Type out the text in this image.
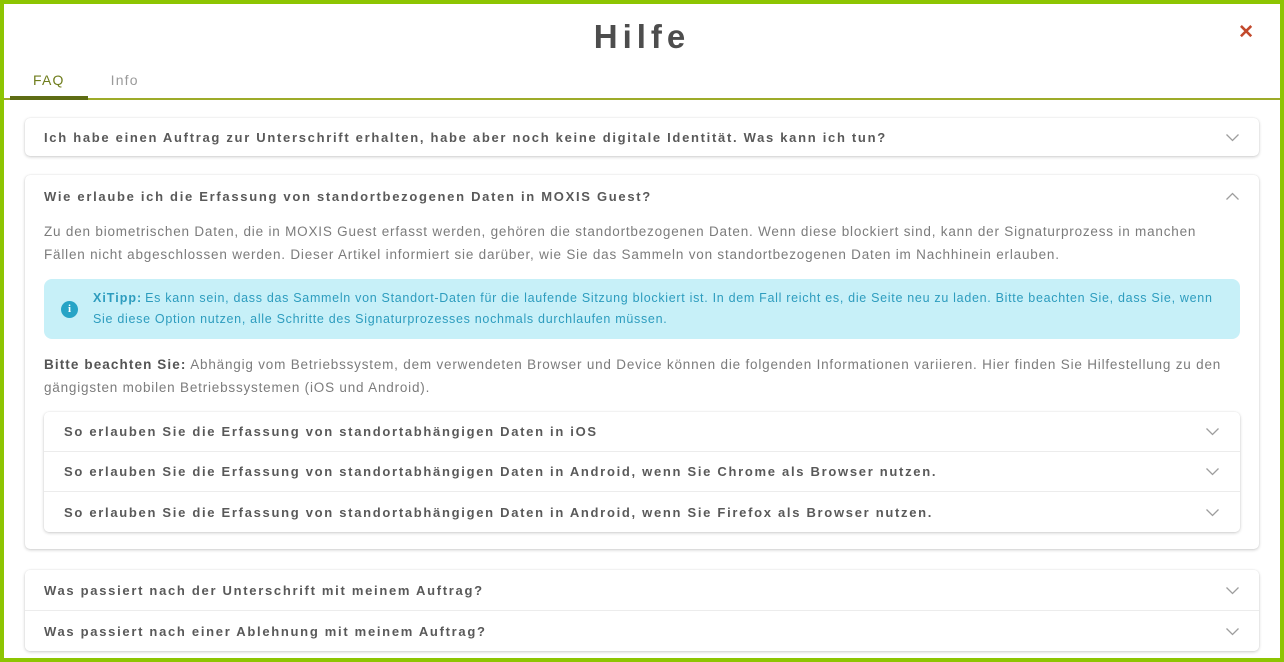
Hilfe	✕
FAQ	Info
Ich habe einen Auftrag zur Unterschrift erhalten, habe aber noch keine digitale Identität. Was kann ich tun?
Wie erlaube ich die Erfassung von standortbezogenen Daten in MOXIS Guest?

Zu den biometrischen Daten, die in MOXIS Guest erfasst werden, gehören die standortbezogenen Daten. Wenn diese blockiert sind, kann der Signaturprozess in manchen Fällen nicht abgeschlossen werden. Dieser Artikel informiert sie darüber, wie Sie das Sammeln von standortbezogenen Daten im Nachhinein erlauben.

i
XiTipp: Es kann sein, dass das Sammeln von Standort-Daten für die laufende Sitzung blockiert ist. In dem Fall reicht es, die Seite neu zu laden. Bitte beachten Sie, dass Sie, wenn Sie diese Option nutzen, alle Schritte des Signaturprozesses nochmals durchlaufen müssen.

Bitte beachten Sie: Abhängig vom Betriebssystem, dem verwendeten Browser und Device können die folgenden Informationen variieren. Hier finden Sie Hilfestellung zu den gängigsten mobilen Betriebssystemen (iOS und Android).

So erlauben Sie die Erfassung von standortabhängigen Daten in iOS
So erlauben Sie die Erfassung von standortabhängigen Daten in Android, wenn Sie Chrome als Browser nutzen.
So erlauben Sie die Erfassung von standortabhängigen Daten in Android, wenn Sie Firefox als Browser nutzen.
Was passiert nach der Unterschrift mit meinem Auftrag?
Was passiert nach einer Ablehnung mit meinem Auftrag?
